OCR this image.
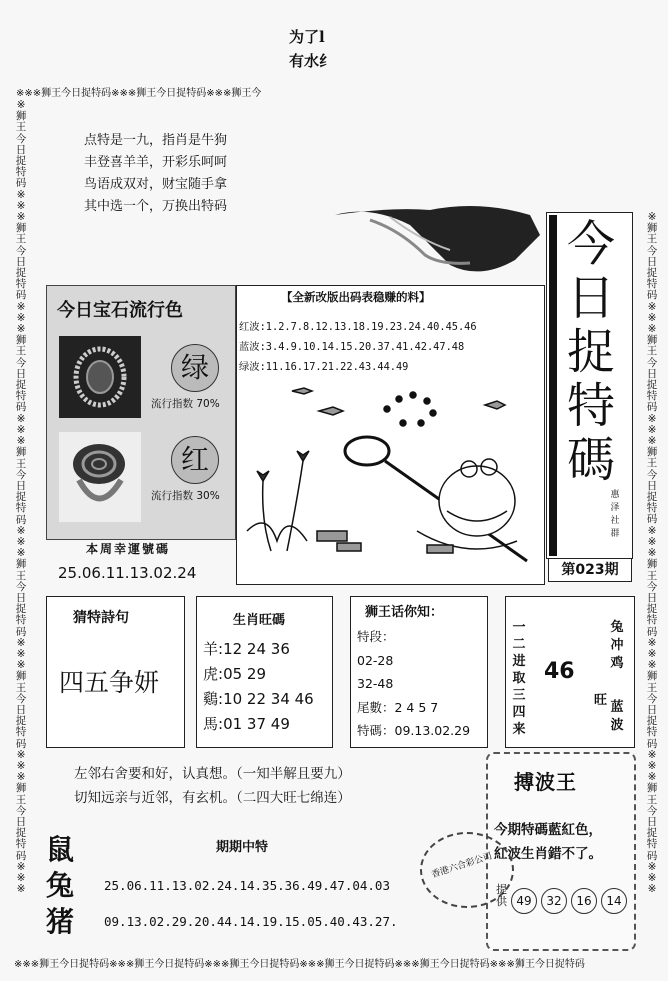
为了l
有水纟
※※※狮王今日捉特码※※※狮王今日捉特码※※※狮王今
※※※狮王今日捉特码※※※狮王今日捉特码※※※狮王今日捉特码※※※狮王今日捉特码※※※狮王今日捉特码※※※狮王今日捉特码
※狮王今日捉特码※※※狮王今日捉特码※※※狮王今日捉特码※※※狮王今日捉特码※※※狮王今日捉特码※※※狮王今日捉特码※※※狮王今日捉特码※※※
※狮王今日捉特码※※※狮王今日捉特码※※※狮王今日捉特码※※※狮王今日捉特码※※※狮王今日捉特码※※※狮王今日捉特码※※※
点特是一九，指肖是牛狗
丰登喜羊羊，开彩乐呵呵
鸟语成双对，财宝随手拿
其中选一个，万换出特码
今日宝石流行色
绿
流行指数 70%
红
流行指数 30%
本周幸運號碼
25.06.11.13.02.24
【全新改版出码表稳赚的料】
红波:1.2.7.8.12.13.18.19.23.24.40.45.46
蓝波:3.4.9.10.14.15.20.37.41.42.47.48
绿波:11.16.17.21.22.43.44.49
今
日
捉
特
碼
惠
泽
社
群
第023期
猜特詩句
四五争妍
生肖旺碼
羊:12 24 36
虎:05 29
鷄:10 22 34 46
馬:01 37 49
狮王话你知：
特段：
02-28
32-48
尾數：2 4 5 7
特碼：09.13.02.29
一
二
进
取
三
四
来
46
兔
冲
鸡
旺 蓝
波
左邻右舍要和好，认真想。（一知半解且要九）
切知远亲与近邻，有玄机。（二四大旺七绵连）
搏波王
今期特碼藍紅色，
紅波生肖錯不了。
香港六合彩公司
提供 49	32	16	14
鼠
兔
猪
期期中特
25.06.11.13.02.24.14.35.36.49.47.04.03
09.13.02.29.20.44.14.19.15.05.40.43.27.
